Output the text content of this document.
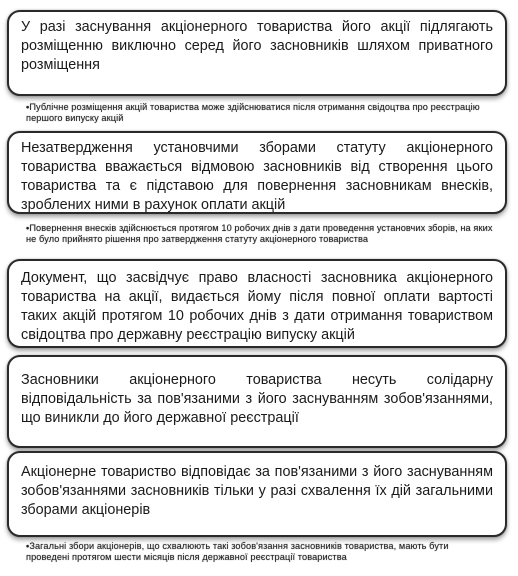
У разі заснування акціонерного товариства його акції підлягають розміщенню виключно серед його засновників шляхом приватного розміщення
•Публічне розміщення акцій товариства може здійснюватися після отримання свідоцтва про реєстрацію першого випуску акцій
Незатвердження установчими зборами статуту акціонерного товариства вважається відмовою засновників від створення цього товариства та є підставою для повернення засновникам внесків, зроблених ними в рахунок оплати акцій
•Повернення внесків здійснюється протягом 10 робочих днів з дати проведення установчих зборів, на яких не було прийнято рішення про затвердження статуту акціонерного товариства
Документ, що засвідчує право власності засновника акціонерного товариства на акції, видається йому після повної оплати вартості таких акцій протягом 10 робочих днів з дати отримання товариством свідоцтва про державну реєстрацію випуску акцій
Засновники акціонерного товариства несуть солідарну відповідальність за пов'язаними з його заснуванням зобов'язаннями, що виникли до його державної реєстрації
Акціонерне товариство відповідає за пов'язаними з його заснуванням зобов'язаннями засновників тільки у разі схвалення їх дій загальними зборами акціонерів
•Загальні збори акціонерів, що схвалюють такі зобов'язання засновників товариства, мають бути проведені протягом шести місяців після державної реєстрації товариства
